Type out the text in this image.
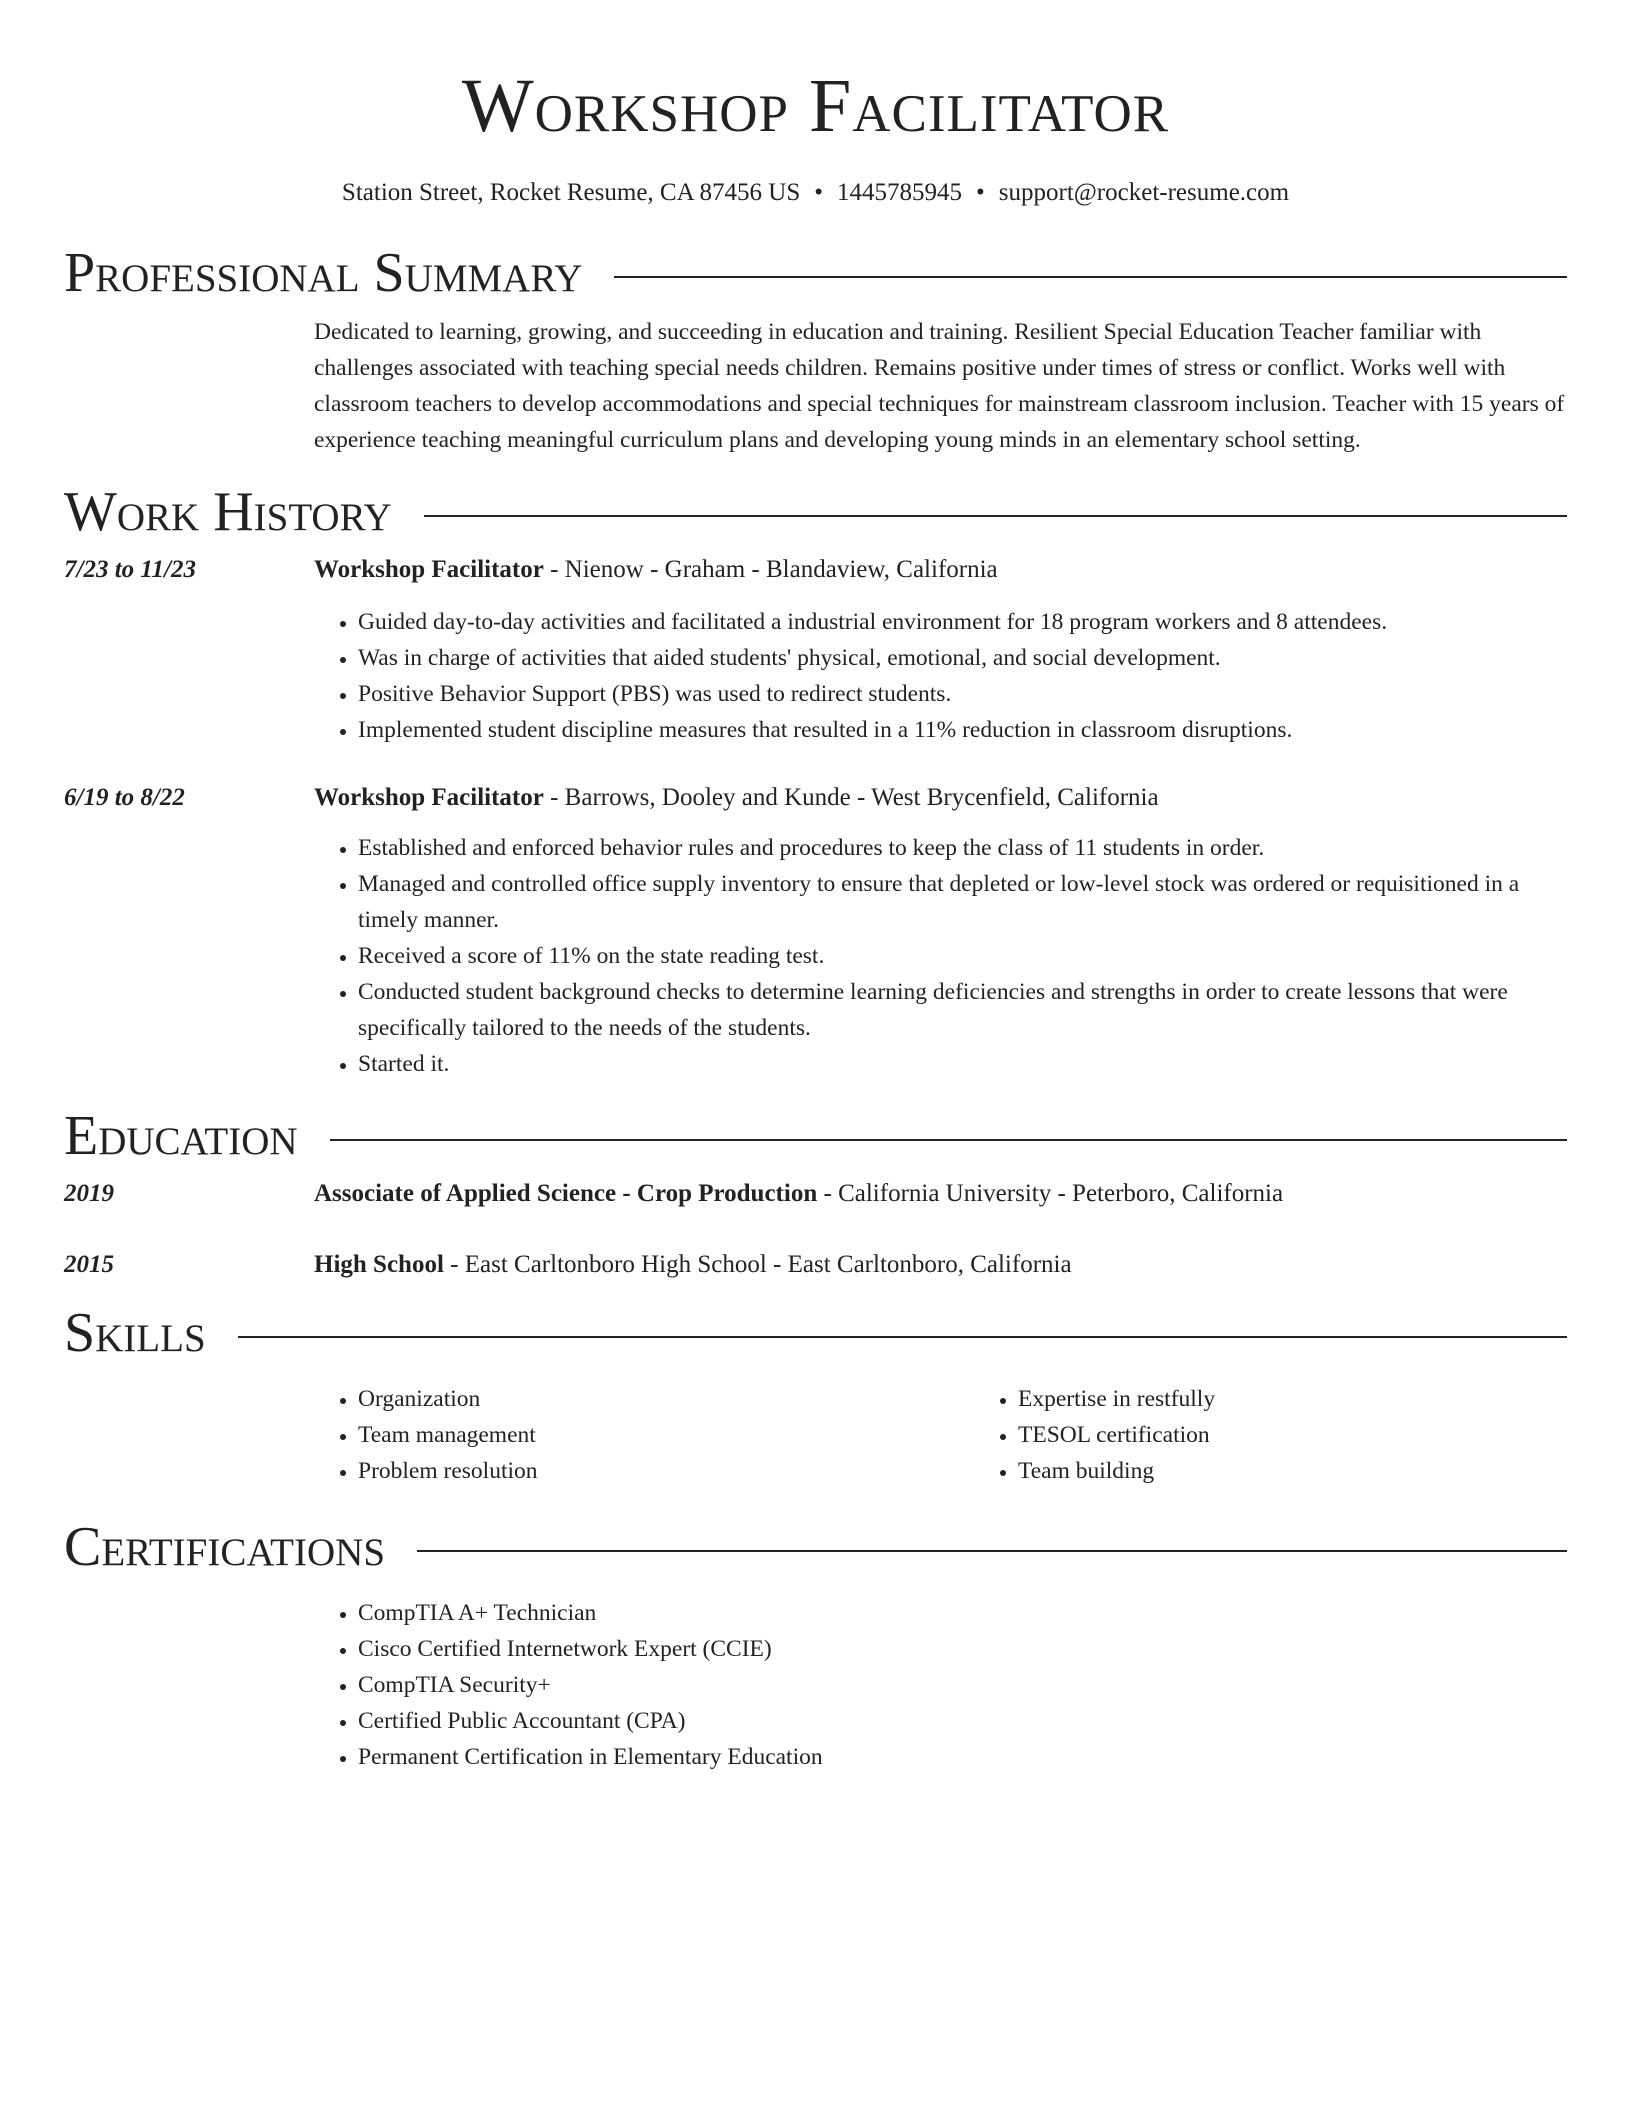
Workshop Facilitator
Station Street, Rocket Resume, CA 87456 US • 1445785945 • support@rocket-resume.com
Professional Summary
Dedicated to learning, growing, and succeeding in education and training. Resilient Special Education Teacher familiar with challenges associated with teaching special needs children. Remains positive under times of stress or conflict. Works well with classroom teachers to develop accommodations and special techniques for mainstream classroom inclusion. Teacher with 15 years of experience teaching meaningful curriculum plans and developing young minds in an elementary school setting.
Work History
7/23 to 11/23	Workshop Facilitator - Nienow - Graham - Blandaview, California
• Guided day-to-day activities and facilitated a industrial environment for 18 program workers and 8 attendees.
• Was in charge of activities that aided students' physical, emotional, and social development.
• Positive Behavior Support (PBS) was used to redirect students.
• Implemented student discipline measures that resulted in a 11% reduction in classroom disruptions.
6/19 to 8/22	Workshop Facilitator - Barrows, Dooley and Kunde - West Brycenfield, California
• Established and enforced behavior rules and procedures to keep the class of 11 students in order.
• Managed and controlled office supply inventory to ensure that depleted or low-level stock was ordered or requisitioned in a timely manner.
• Received a score of 11% on the state reading test.
• Conducted student background checks to determine learning deficiencies and strengths in order to create lessons that were specifically tailored to the needs of the students.
• Started it.
Education
2019	Associate of Applied Science - Crop Production - California University - Peterboro, California
2015	High School - East Carltonboro High School - East Carltonboro, California
Skills
• Organization
• Team management
• Problem resolution
• Expertise in restfully
• TESOL certification
• Team building
Certifications
• CompTIA A+ Technician
• Cisco Certified Internetwork Expert (CCIE)
• CompTIA Security+
• Certified Public Accountant (CPA)
• Permanent Certification in Elementary Education
